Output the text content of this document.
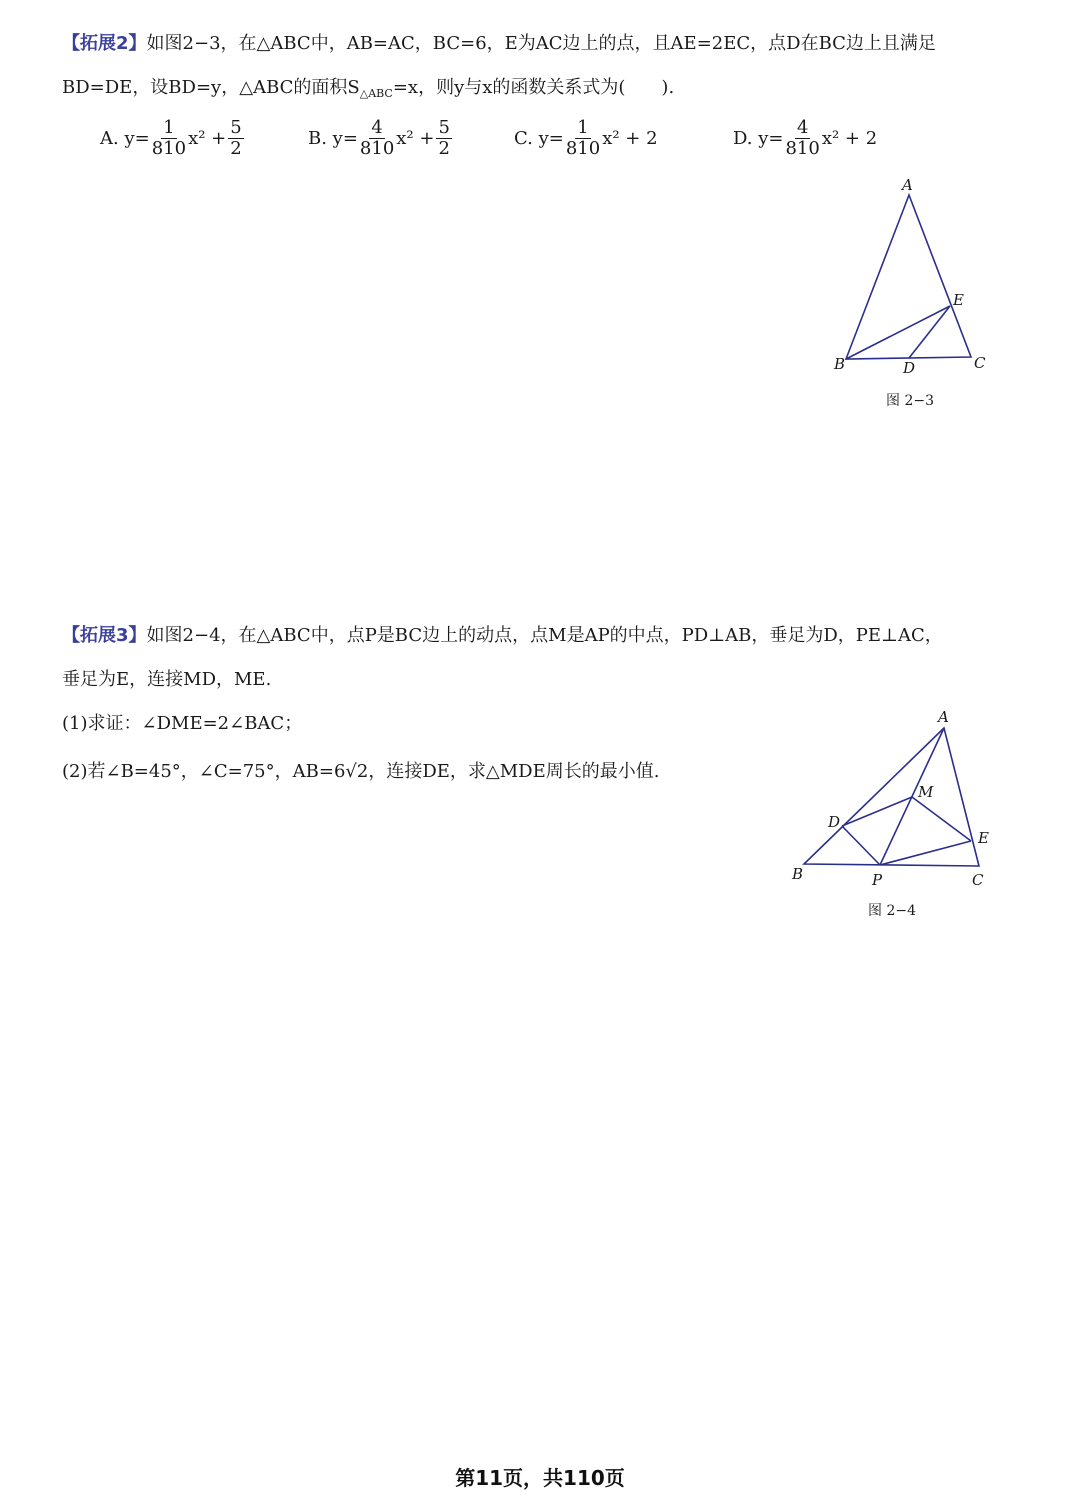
【拓展2】如图2−3，在△ABC中，AB=AC，BC=6，E为AC边上的点，且AE=2EC，点D在BC边上且满足
BD=DE，设BD=y，△ABC的面积$S_{\triangle ABC}=x$，则y与x的函数关系式为(　　).
A. $y= \frac{1}{810} x^2 + \frac{5}{2}$	B. $y= \frac{4}{810} x^2 + \frac{5}{2}$	C. $y= \frac{1}{810} x^2 + 2$	D. $y= \frac{4}{810} x^2 + 2$
A
B	C
D
E
图 2−3
【拓展3】如图2−4，在△ABC中，点P是BC边上的动点，点M是AP的中点，PD⊥AB，垂足为D，PE⊥AC，
垂足为E，连接MD，ME.
(1)求证：∠DME=2∠BAC；
(2)若∠B=45°，∠C=75°，AB=6√2，连接DE，求△MDE周长的最小值.
A
B	C
D
E
M
P
图 2−4
第11页，共110页
